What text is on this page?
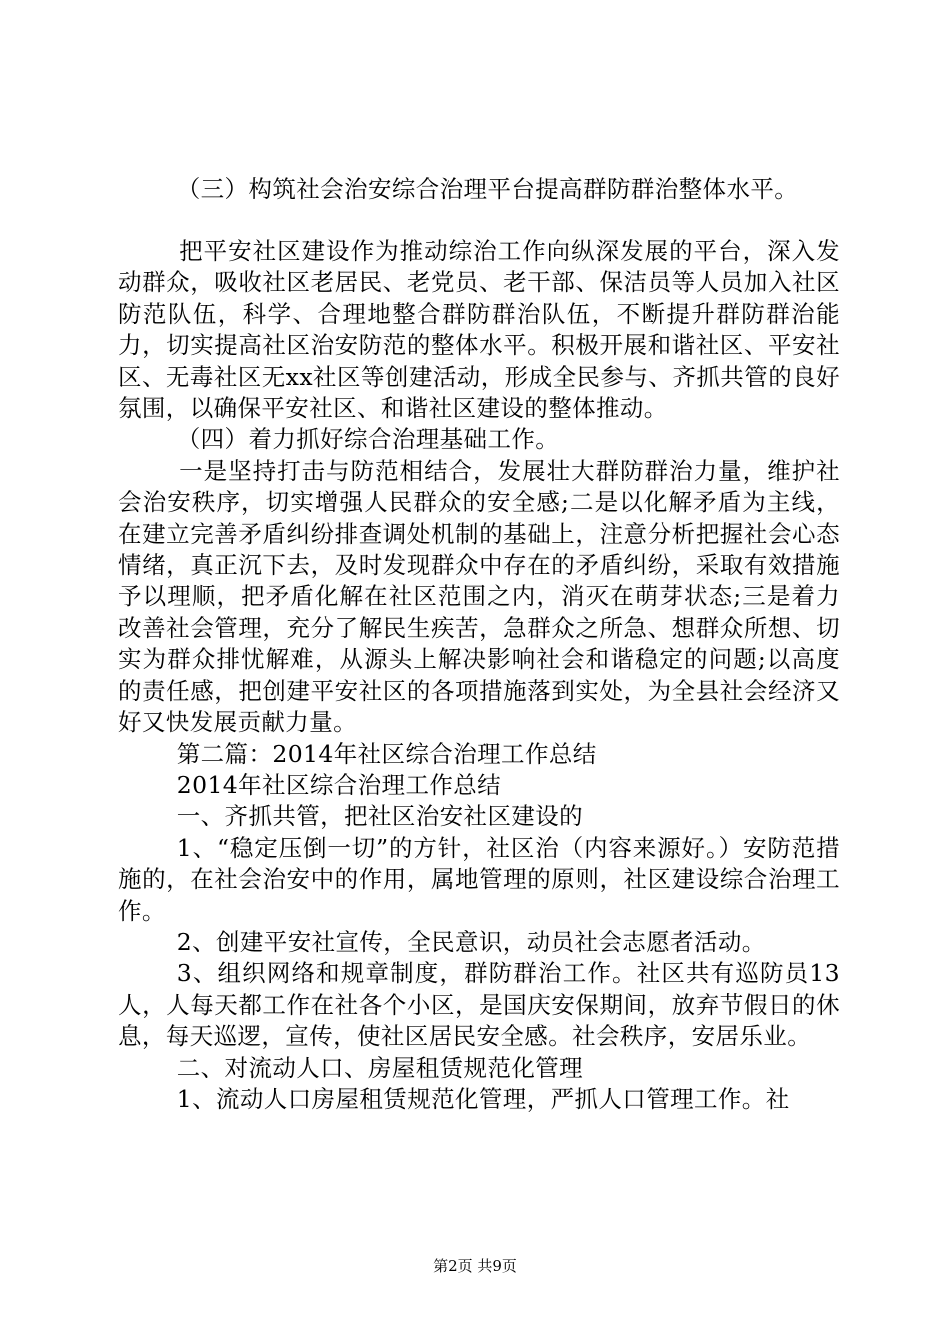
（三）构筑社会治安综合治理平台提高群防群治整体水平。

把平安社区建设作为推动综治工作向纵深发展的平台，深入发动群众，吸收社区老居民、老党员、老干部、保洁员等人员加入社区防范队伍，科学、合理地整合群防群治队伍，不断提升群防群治能力，切实提高社区治安防范的整体水平。积极开展和谐社区、平安社区、无毒社区无xx社区等创建活动，形成全民参与、齐抓共管的良好氛围，以确保平安社区、和谐社区建设的整体推动。

（四）着力抓好综合治理基础工作。

一是坚持打击与防范相结合，发展壮大群防群治力量，维护社会治安秩序，切实增强人民群众的安全感;二是以化解矛盾为主线，在建立完善矛盾纠纷排查调处机制的基础上，注意分析把握社会心态情绪，真正沉下去，及时发现群众中存在的矛盾纠纷，采取有效措施予以理顺，把矛盾化解在社区范围之内，消灭在萌芽状态;三是着力改善社会管理，充分了解民生疾苦，急群众之所急、想群众所想、切实为群众排忧解难，从源头上解决影响社会和谐稳定的问题;以高度的责任感，把创建平安社区的各项措施落到实处，为全县社会经济又好又快发展贡献力量。

第二篇：2014年社区综合治理工作总结

2014年社区综合治理工作总结

一、齐抓共管，把社区治安社区建设的

1、“稳定压倒一切”的方针，社区治（内容来源好。）安防范措施的，在社会治安中的作用，属地管理的原则，社区建设综合治理工作。

2、创建平安社宣传，全民意识，动员社会志愿者活动。

3、组织网络和规章制度，群防群治工作。社区共有巡防员13人，人每天都工作在社各个小区，是国庆安保期间，放弃节假日的休息，每天巡逻，宣传，使社区居民安全感。社会秩序，安居乐业。

二、对流动人口、房屋租赁规范化管理

1、流动人口房屋租赁规范化管理，严抓人口管理工作。社

第2页 共9页
